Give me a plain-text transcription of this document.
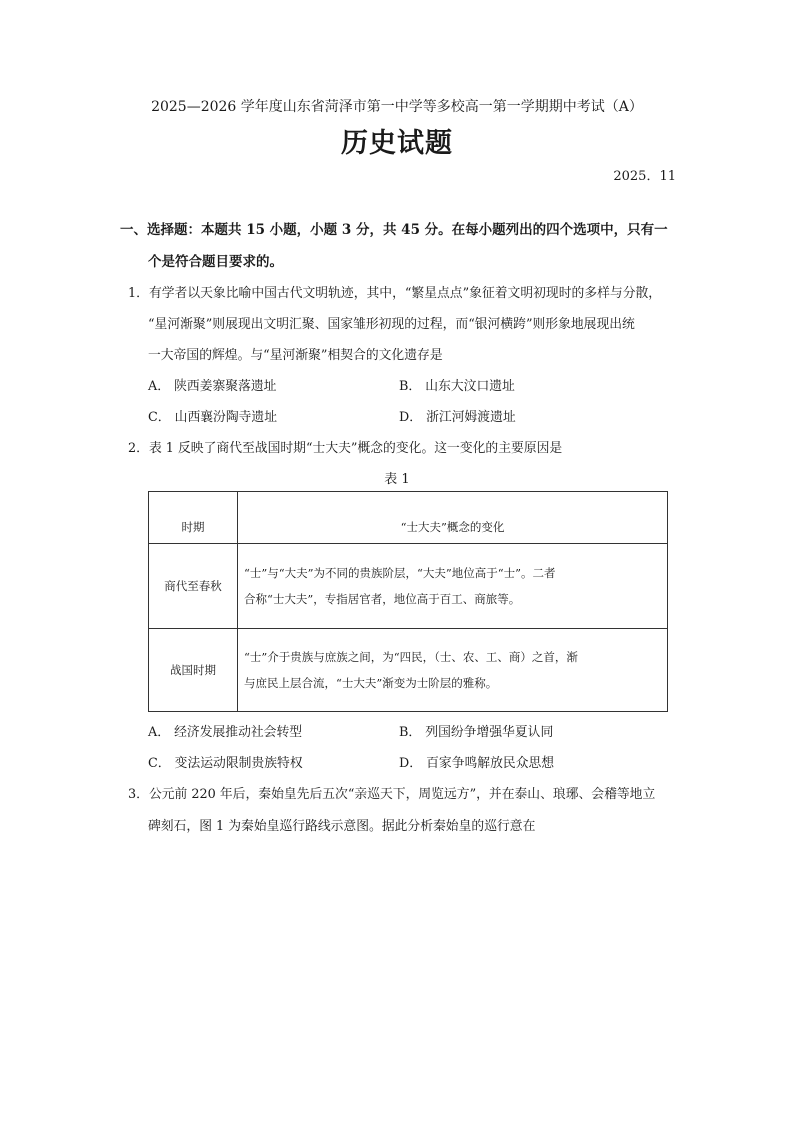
2025—2026 学年度山东省菏泽市第一中学等多校高一第一学期期中考试（A）
历史试题
2025．11
一、选择题：本题共 15 小题，小题 3 分，共 45 分。在每小题列出的四个选项中，只有一
个是符合题目要求的。
1．有学者以天象比喻中国古代文明轨迹，其中，“繁星点点”象征着文明初现时的多样与分散，
“星河渐聚”则展现出文明汇聚、国家雏形初现的过程，而“银河横跨”则形象地展现出统
一大帝国的辉煌。与“星河渐聚”相契合的文化遗存是
A． 陕西姜寨聚落遗址	B． 山东大汶口遗址
C． 山西襄汾陶寺遗址	D． 浙江河姆渡遗址
2．表 1 反映了商代至战国时期“士大夫”概念的变化。这一变化的主要原因是
表 1
时期	“士大夫”概念的变化
商代至春秋	“士”与“大夫”为不同的贵族阶层，“大夫”地位高于“士”。二者
合称“士大夫”，专指居官者，地位高于百工、商旅等。

战国时期	“士”介于贵族与庶族之间，为“四民，（士、农、工、商）之首，渐
与庶民上层合流，“士大夫”渐变为士阶层的雅称。
A． 经济发展推动社会转型	B． 列国纷争增强华夏认同
C． 变法运动限制贵族特权	D． 百家争鸣解放民众思想
3．公元前 220 年后，秦始皇先后五次“亲巡天下，周览远方”，并在泰山、琅琊、会稽等地立
碑刻石，图 1 为秦始皇巡行路线示意图。据此分析秦始皇的巡行意在
